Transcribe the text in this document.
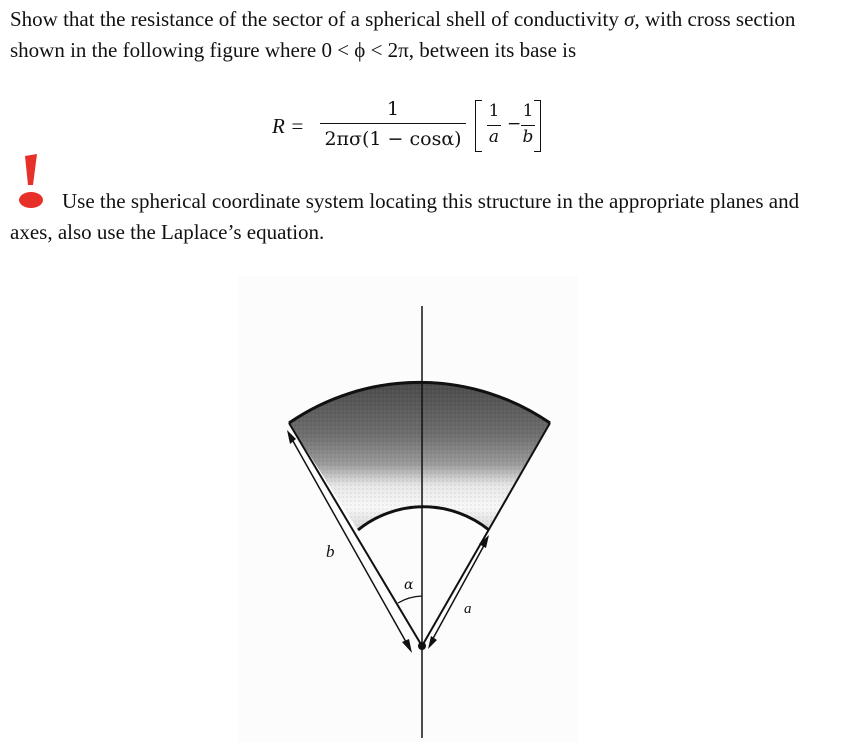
Show that the resistance of the sector of a spherical shell of conductivity σ, with cross section shown in the following figure where 0 < ϕ < 2π, between its base is

R =
1
2πσ(1 − cosα)
1
a
−
1
b

Use the spherical coordinate system locating this structure in the appropriate planes and axes, also use the Laplace’s equation.

b
α
a
